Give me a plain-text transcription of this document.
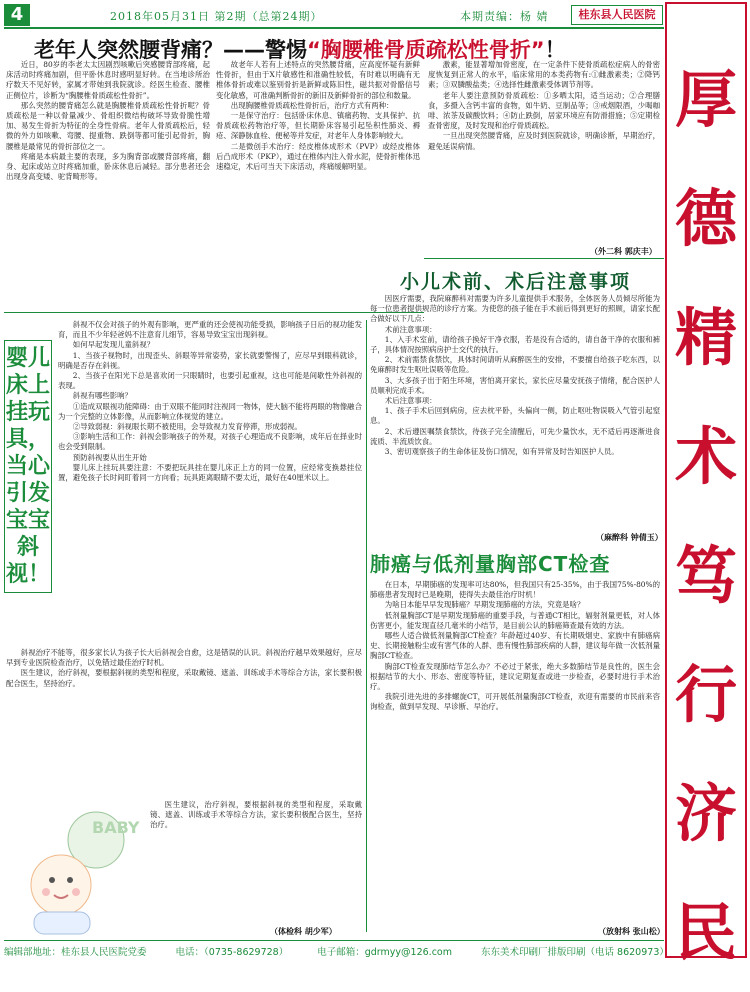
4	2018年05月31日 第2期（总第24期）	本期责编：杨 婧	桂东县人民医院
老年人突然腰背痛？——警惕“胸腰椎骨质疏松性骨折”！

近日，80岁的李老太太因剧烈咳嗽后突感腰背部疼痛，起床活动时疼痛加剧，但平卧休息时感明显好转。在当地诊所治疗数天不见好转，家属才带她到我院就诊。经医生检查、腰椎正侧位片，诊断为“胸腰椎骨质疏松性骨折”。

那么突然的腰背痛怎么就是胸腰椎骨质疏松性骨折呢？骨质疏松是一种以骨量减少、骨组织微结构破坏导致骨脆性增加、易发生骨折为特征的全身性骨病。老年人骨质疏松后，轻微的外力如咳嗽、弯腰、提重物、跌倒等都可能引起骨折，胸腰椎是最常见的骨折部位之一。

疼痛是本病最主要的表现，多为胸背部或腰背部疼痛，翻身、起床或站立时疼痛加重，卧床休息后减轻。部分患者还会出现身高变矮、驼背畸形等。

故老年人若有上述特点的突然腰背痛，应高度怀疑有新鲜性骨折，但由于X片敏感性和准确性较低，有时难以明确有无椎体骨折或难以鉴别骨折是新鲜或陈旧性，磁共振对骨骼信号变化敏感，可准确判断骨折的新旧及新鲜骨折的部位和数量。

出现胸腰椎骨质疏松性骨折后，治疗方式有两种：

一是保守治疗：包括卧床休息、镇痛药物、支具保护、抗骨质疏松药物治疗等，但长期卧床容易引起坠积性肺炎、褥疮、深静脉血栓、便秘等并发症，对老年人身体影响较大。

二是微创手术治疗：经皮椎体成形术（PVP）或经皮椎体后凸成形术（PKP），通过在椎体内注入骨水泥，使骨折椎体迅速稳定，术后可当天下床活动，疼痛缓解明显。

激素，能显著增加骨密度，在一定条件下使骨质疏松症病人的骨密度恢复到正常人的水平，临床常用的本类药物有:①雌激素类；②降钙素；③双膦酸盐类；④选择性雌激素受体调节剂等。

老年人要注意预防骨质疏松：①多晒太阳，适当运动；②合理膳食，多摄入含钙丰富的食物，如牛奶、豆制品等；③戒烟限酒，少喝咖啡、浓茶及碳酸饮料；④防止跌倒，居家环境应有防滑措施；⑤定期检查骨密度，及时发现和治疗骨质疏松。

一旦出现突然腰背痛，应及时到医院就诊，明确诊断，早期治疗，避免延误病情。

（外二科 郭庆丰）
婴儿床上挂玩具，当心引发宝宝斜视！

斜视不仅会对孩子的外观有影响，更严重的还会使视功能受损，影响孩子日后的视功能发育，而且不少年轻爸妈不注意育儿细节，容易导致宝宝出现斜视。

如何早起发现儿童斜视？

1、当孩子视物时，出现歪头、斜眼等异常姿势，家长就要警惕了，应尽早到眼科就诊，明确是否存在斜视。

2、当孩子在阳光下总是喜欢闭一只眼睛时，也要引起重视，这也可能是间歇性外斜视的表现。

斜视有哪些影响？

①造成双眼视功能障碍：由于双眼不能同时注视同一物体，使大脑不能将两眼的物像融合为一个完整的立体影像，从而影响立体视觉的建立。

②导致弱视：斜视眼长期不被使用，会导致视力发育停滞，形成弱视。

③影响生活和工作：斜视会影响孩子的外观，对孩子心理造成不良影响，成年后在择业时也会受到限制。

预防斜视要从出生开始

婴儿床上挂玩具要注意：不要把玩具挂在婴儿床正上方的同一位置，应经常变换悬挂位置，避免孩子长时间盯着同一方向看；玩具距离眼睛不要太近，最好在40厘米以上。

斜视治疗不能等，很多家长认为孩子长大后斜视会自愈，这是错误的认识。斜视治疗越早效果越好，应尽早到专业医院检查治疗，以免错过最佳治疗时机。

医生建议，治疗斜视，要根据斜视的类型和程度，采取戴镜、遮盖、训练或手术等综合方法，家长要积极配合医生，坚持治疗。

医生建议，治疗斜视，要根据斜视的类型和程度，采取戴镜、遮盖、训练或手术等综合方法，家长要积极配合医生，坚持治疗。

（体检科 胡少军）
BABY
小儿术前、术后注意事项

因医疗需要，我院麻醉科对需要为许多儿童提供手术服务，全体医务人员倾尽所能为每一位患者提供规范的诊疗方案。为使您的孩子能在手术前后得到更好的照顾，请家长配合做好以下几点：

术前注意事项：

1、入手术室前，请给孩子换好干净衣服，若是没有合适的，请自备干净的衣服和裤子，具体情况按照病房护士交代的执行。

2、术前需禁食禁饮，具体时间请听从麻醉医生的安排，不要擅自给孩子吃东西，以免麻醉时发生呕吐误吸等危险。

3、大多孩子出于陌生环境，害怕离开家长，家长应尽量安抚孩子情绪，配合医护人员顺利完成手术。

术后注意事项：

1、孩子手术后回到病房，应去枕平卧，头偏向一侧，防止呕吐物误吸入气管引起窒息。

2、术后遵医嘱禁食禁饮，待孩子完全清醒后，可先少量饮水，无不适后再逐渐进食流质、半流质饮食。

3、密切观察孩子的生命体征及伤口情况，如有异常及时告知医护人员。

（麻醉科 钟倩玉）
肺癌与低剂量胸部CT检查

在日本，早期肺癌的发现率可达80%，但我国只有25-35%，由于我国75%-80%的肺癌患者发现时已是晚期，使得失去最佳治疗时机！

为啥日本能早早发现肺癌？早期发现肺癌的方法，究竟是啥？

低剂量胸部CT是早期发现肺癌的重要手段，与普通CT相比，辐射剂量更低，对人体伤害更小，能发现直径几毫米的小结节，是目前公认的肺癌筛查最有效的方法。

哪些人适合做低剂量胸部CT检查？年龄超过40岁、有长期吸烟史、家族中有肺癌病史、长期接触粉尘或有害气体的人群、患有慢性肺部疾病的人群，建议每年做一次低剂量胸部CT检查。

胸部CT检查发现肺结节怎么办？不必过于紧张，绝大多数肺结节是良性的，医生会根据结节的大小、形态、密度等特征，建议定期复查或进一步检查，必要时进行手术治疗。

我院引进先进的多排螺旋CT，可开展低剂量胸部CT检查，欢迎有需要的市民前来咨询检查，做到早发现、早诊断、早治疗。

（放射科 张山松）
厚
德
精
术
笃
行
济
民
编辑部地址：桂东县人民医院党委	电话：（0735-8629728）	电子邮箱：gdrmyy@126.com	东东美术印刷厂排版印刷（电话 8620973）
